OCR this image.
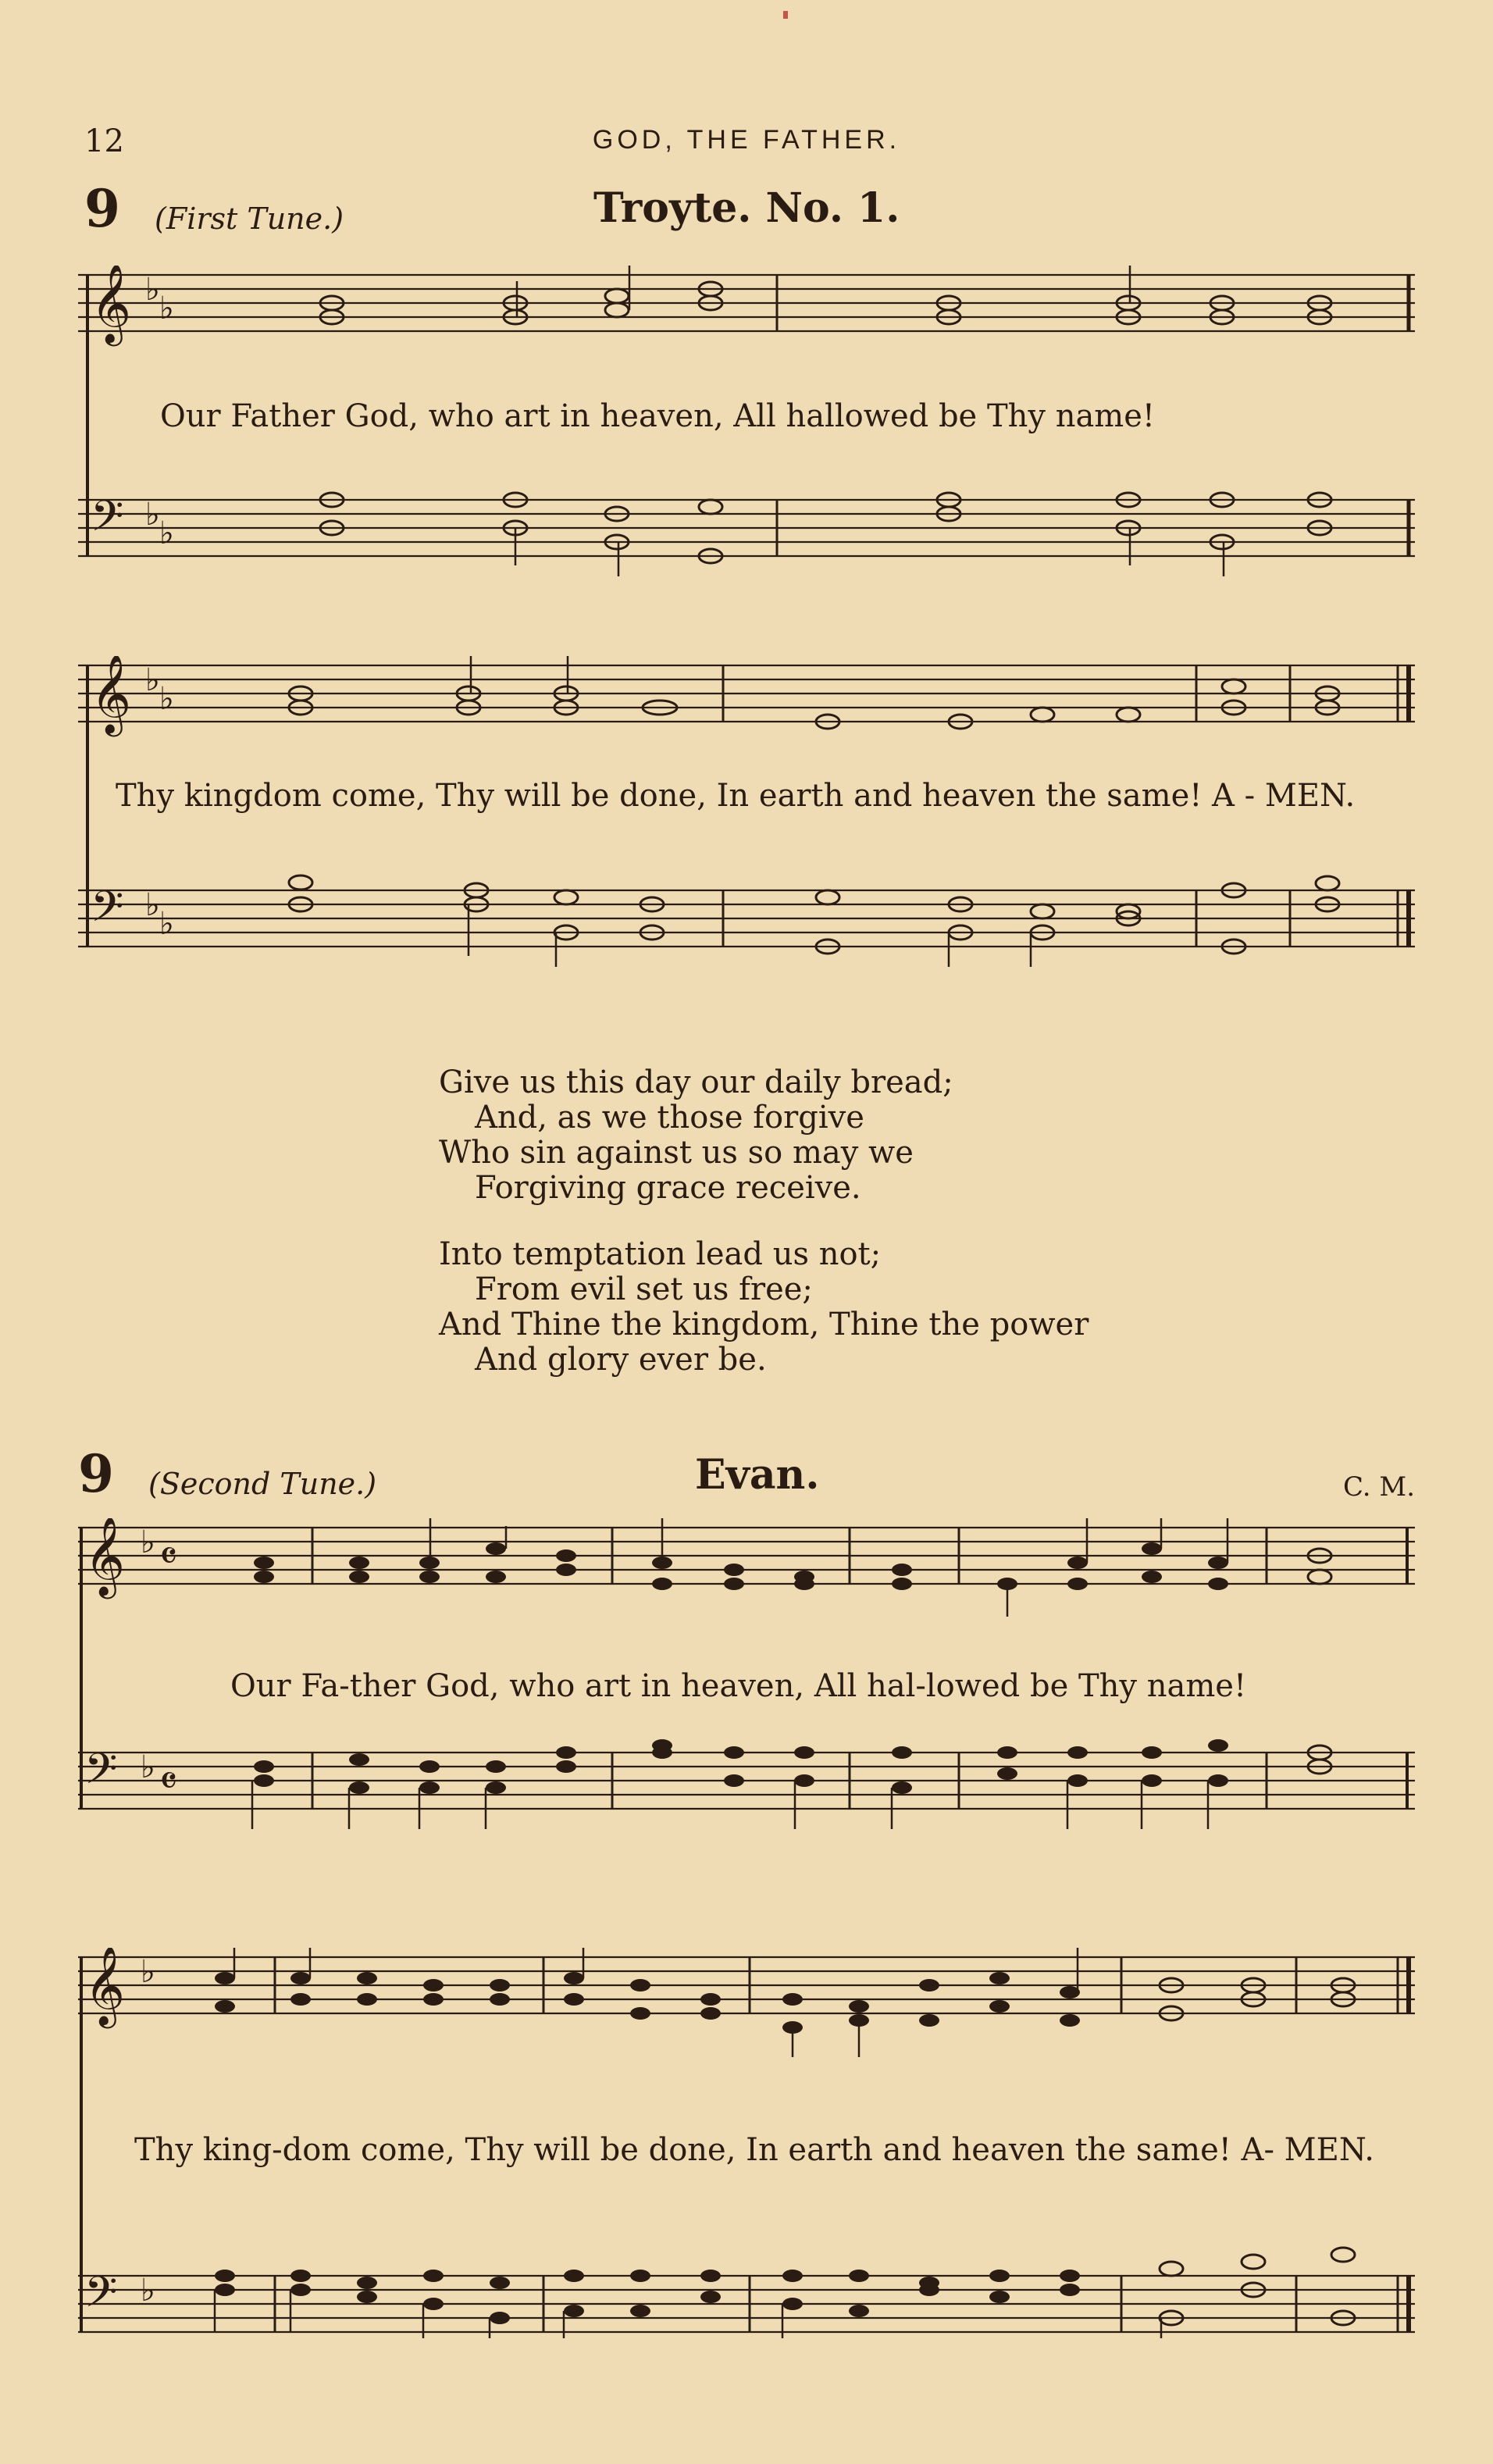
12	GOD, THE FATHER.
9 (First Tune.)	Troyte. No. 1.
𝄞 ♭
♭
𝄢 ♭
♭
Our Father God, who art in heaven, All hallowed be Thy name!
𝄞 ♭
♭
𝄢 ♭
♭
Thy kingdom come, Thy will be done, In earth and heaven the same! A - MEN.
Give us this day our daily bread;
And, as we those forgive
Who sin against us so may we
Forgiving grace receive.
Into temptation lead us not;
From evil set us free;
And Thine the kingdom, Thine the power
And glory ever be.
9 (Second Tune.)	Evan.	C. M.
𝄞 ♭ 𝄴
𝄢 ♭ 𝄴
Our Fa-ther God, who art in heaven, All hal-lowed be Thy name!
𝄞 ♭
𝄢 ♭
Thy king-dom come, Thy will be done, In earth and heaven the same! A- MEN.
